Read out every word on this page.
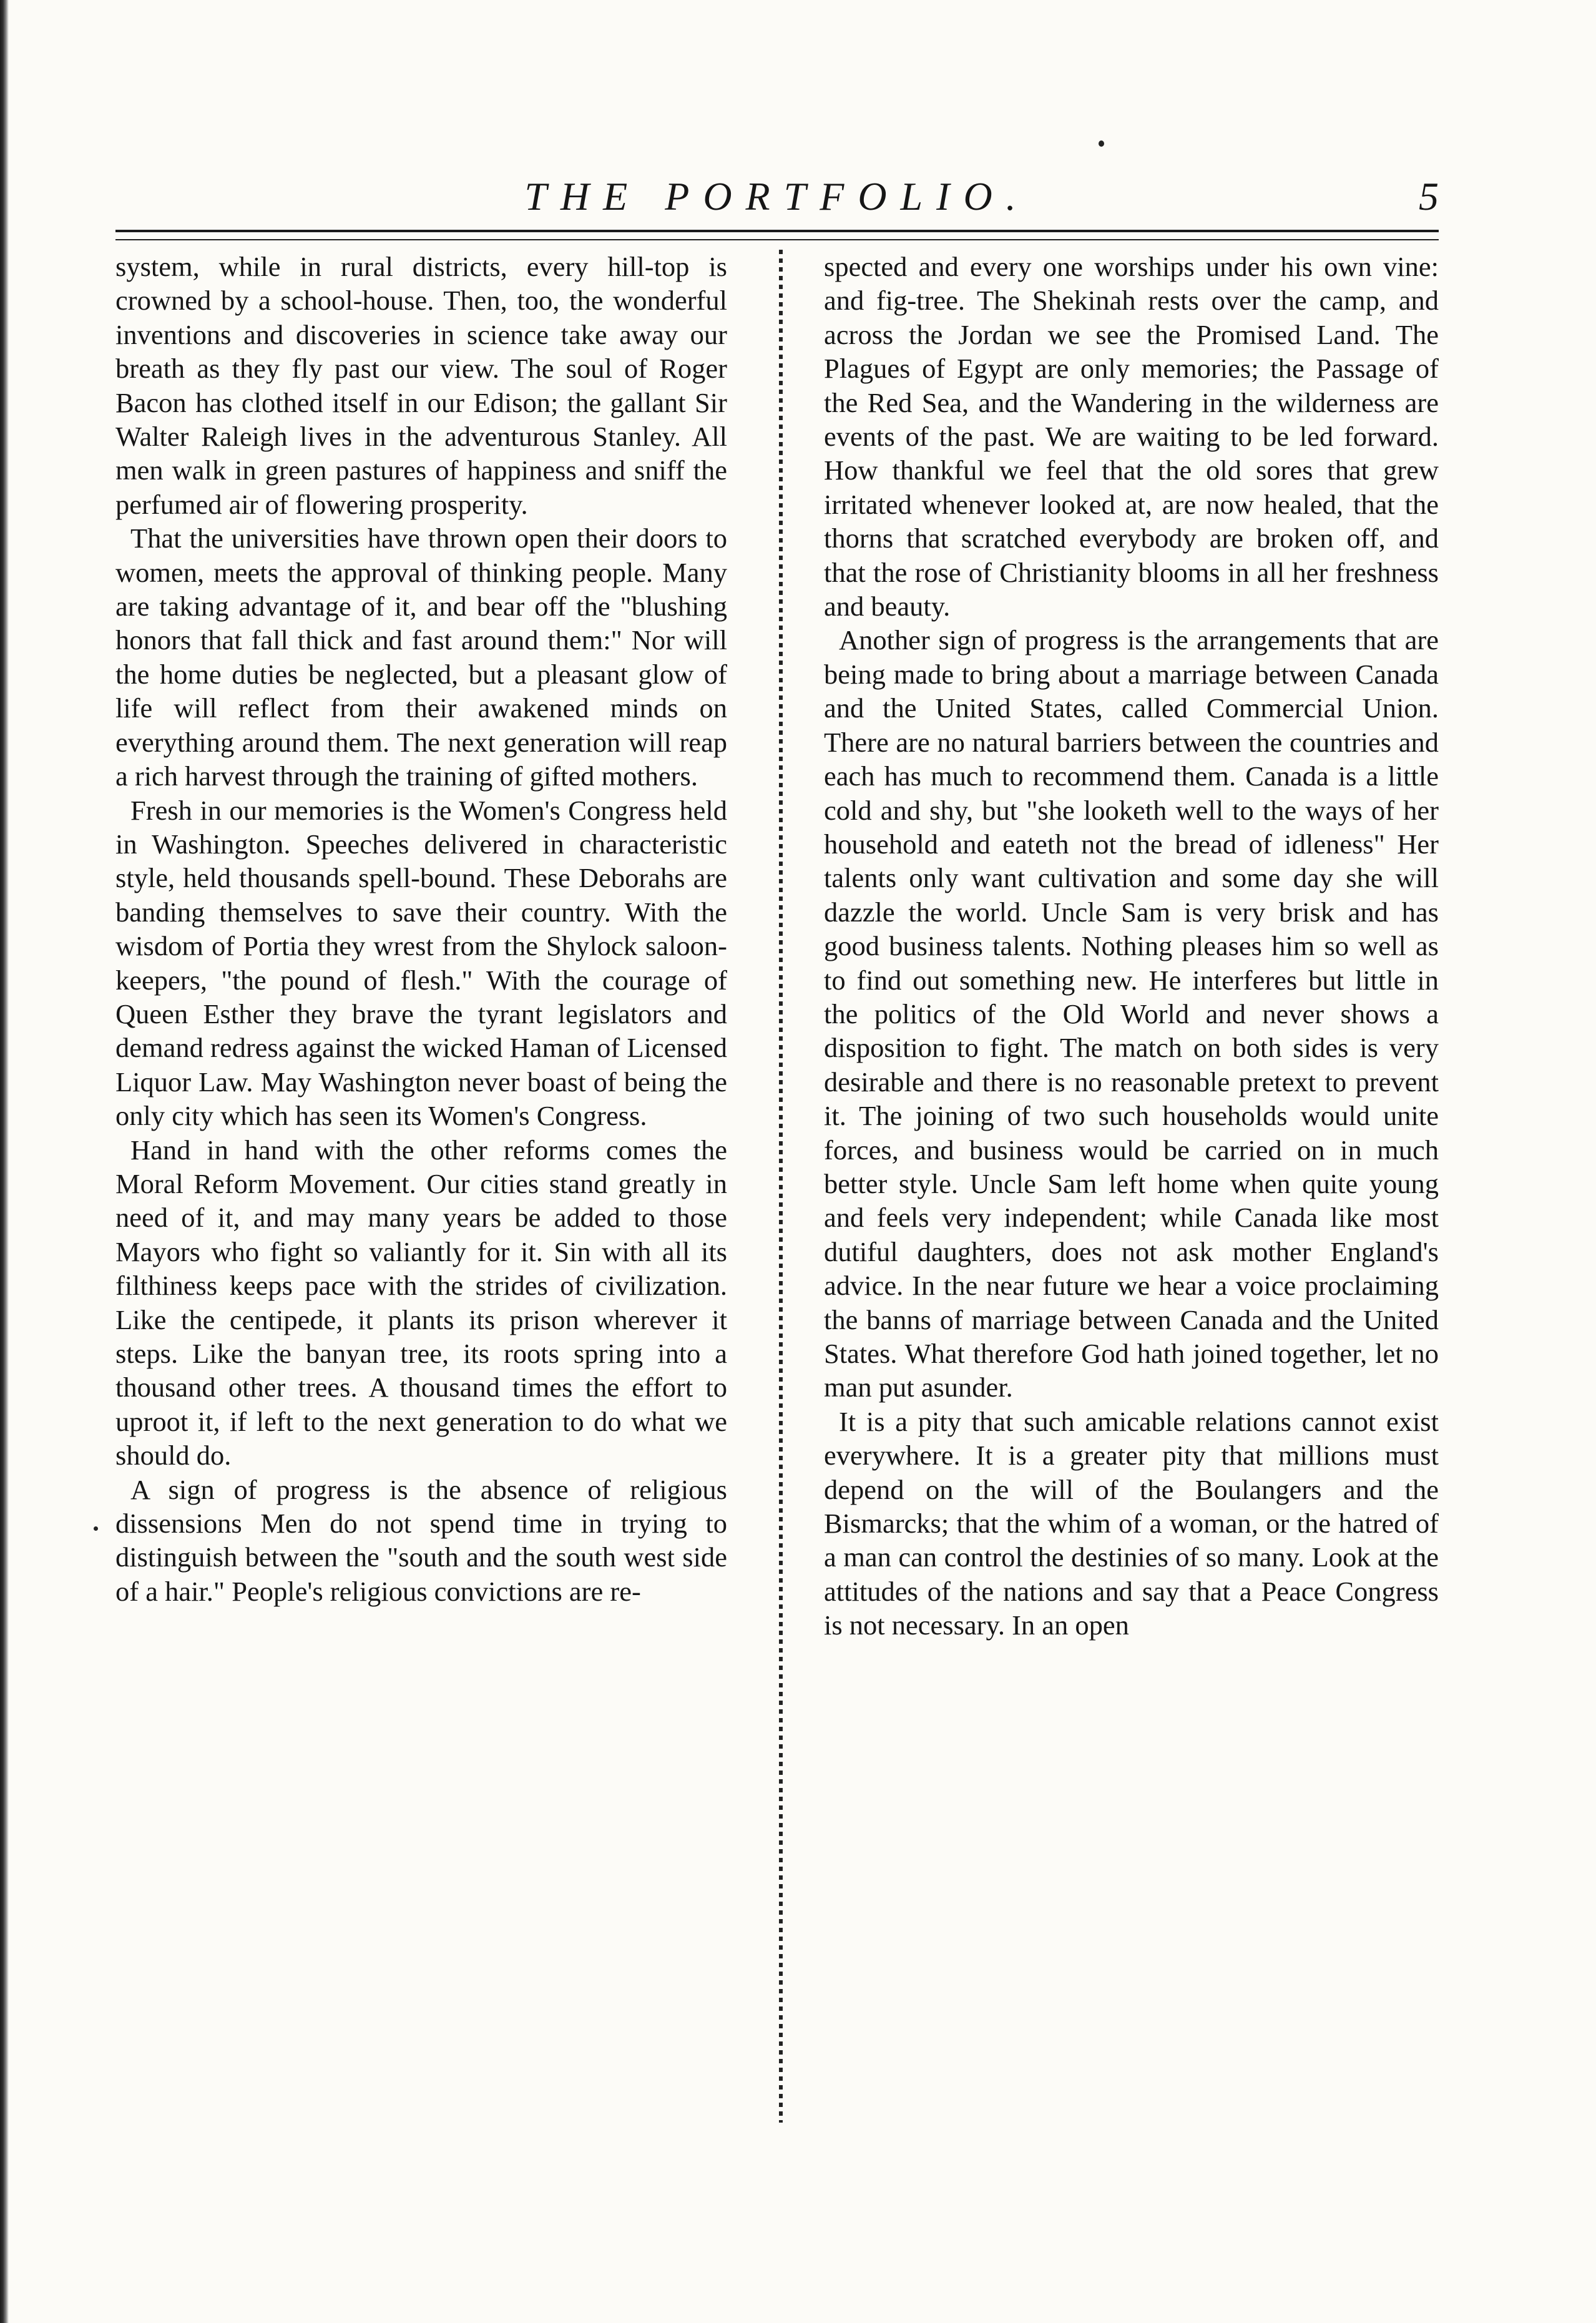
THE PORTFOLIO.	5

system, while in rural districts, every hill-top is crowned by a school-house. Then, too, the wonderful inventions and discoveries in science take away our breath as they fly past our view. The soul of Roger Bacon has clothed itself in our Edison; the gallant Sir Walter Raleigh lives in the adventurous Stanley. All men walk in green pastures of happiness and sniff the perfumed air of flowering prosperity.

That the universities have thrown open their doors to women, meets the approval of thinking people. Many are taking advantage of it, and bear off the "blushing honors that fall thick and fast around them:" Nor will the home duties be neglected, but a pleasant glow of life will reflect from their awakened minds on everything around them. The next generation will reap a rich harvest through the training of gifted mothers.

Fresh in our memories is the Women's Congress held in Washington. Speeches delivered in characteristic style, held thousands spell-bound. These Deborahs are banding themselves to save their country. With the wisdom of Portia they wrest from the Shylock saloon-keepers, "the pound of flesh." With the courage of Queen Esther they brave the tyrant legislators and demand redress against the wicked Haman of Licensed Liquor Law. May Washington never boast of being the only city which has seen its Women's Congress.

Hand in hand with the other reforms comes the Moral Reform Movement. Our cities stand greatly in need of it, and may many years be added to those Mayors who fight so valiantly for it. Sin with all its filthiness keeps pace with the strides of civilization. Like the centipede, it plants its prison wherever it steps. Like the banyan tree, its roots spring into a thousand other trees. A thousand times the effort to uproot it, if left to the next generation to do what we should do.

A sign of progress is the absence of religious dissensions Men do not spend time in trying to distinguish between the "south and the south west side of a hair." People's religious convictions are re-

spected and every one worships under his own vine: and fig-tree. The Shekinah rests over the camp, and across the Jordan we see the Promised Land. The Plagues of Egypt are only memories; the Passage of the Red Sea, and the Wandering in the wilderness are events of the past. We are waiting to be led forward. How thankful we feel that the old sores that grew irritated whenever looked at, are now healed, that the thorns that scratched everybody are broken off, and that the rose of Christianity blooms in all her freshness and beauty.

Another sign of progress is the arrangements that are being made to bring about a marriage between Canada and the United States, called Commercial Union. There are no natural barriers between the countries and each has much to recommend them. Canada is a little cold and shy, but "she looketh well to the ways of her household and eateth not the bread of idleness" Her talents only want cultivation and some day she will dazzle the world. Uncle Sam is very brisk and has good business talents. Nothing pleases him so well as to find out something new. He interferes but little in the politics of the Old World and never shows a disposition to fight. The match on both sides is very desirable and there is no reasonable pretext to prevent it. The joining of two such households would unite forces, and business would be carried on in much better style. Uncle Sam left home when quite young and feels very independent; while Canada like most dutiful daughters, does not ask mother England's advice. In the near future we hear a voice proclaiming the banns of marriage between Canada and the United States. What therefore God hath joined together, let no man put asunder.

It is a pity that such amicable relations cannot exist everywhere. It is a greater pity that millions must depend on the will of the Boulangers and the Bismarcks; that the whim of a woman, or the hatred of a man can control the destinies of so many. Look at the attitudes of the nations and say that a Peace Congress is not necessary. In an open
